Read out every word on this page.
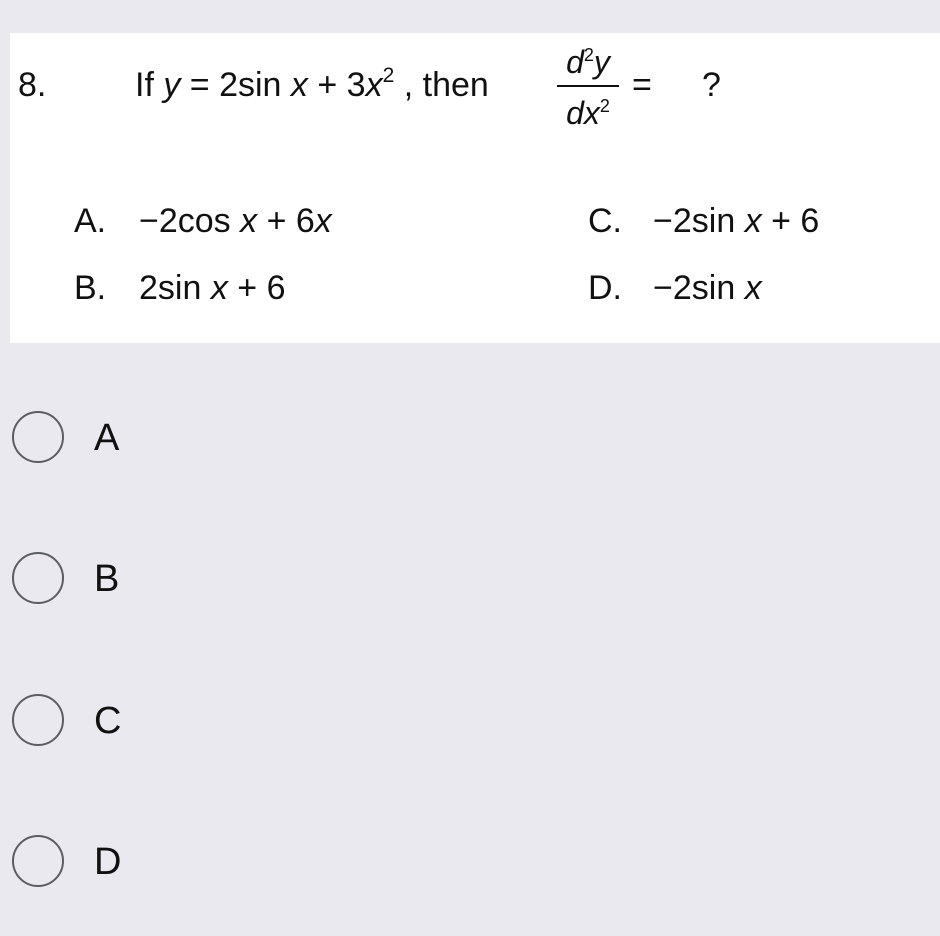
8.	If y = 2sin $x + 3x^2$ , then
$d^2y$
$dx^2$
= ?
A. −2cos x + 6x
B. 2sin x + 6
C. −2sin x + 6
D. −2sin x
A
B
C
D
